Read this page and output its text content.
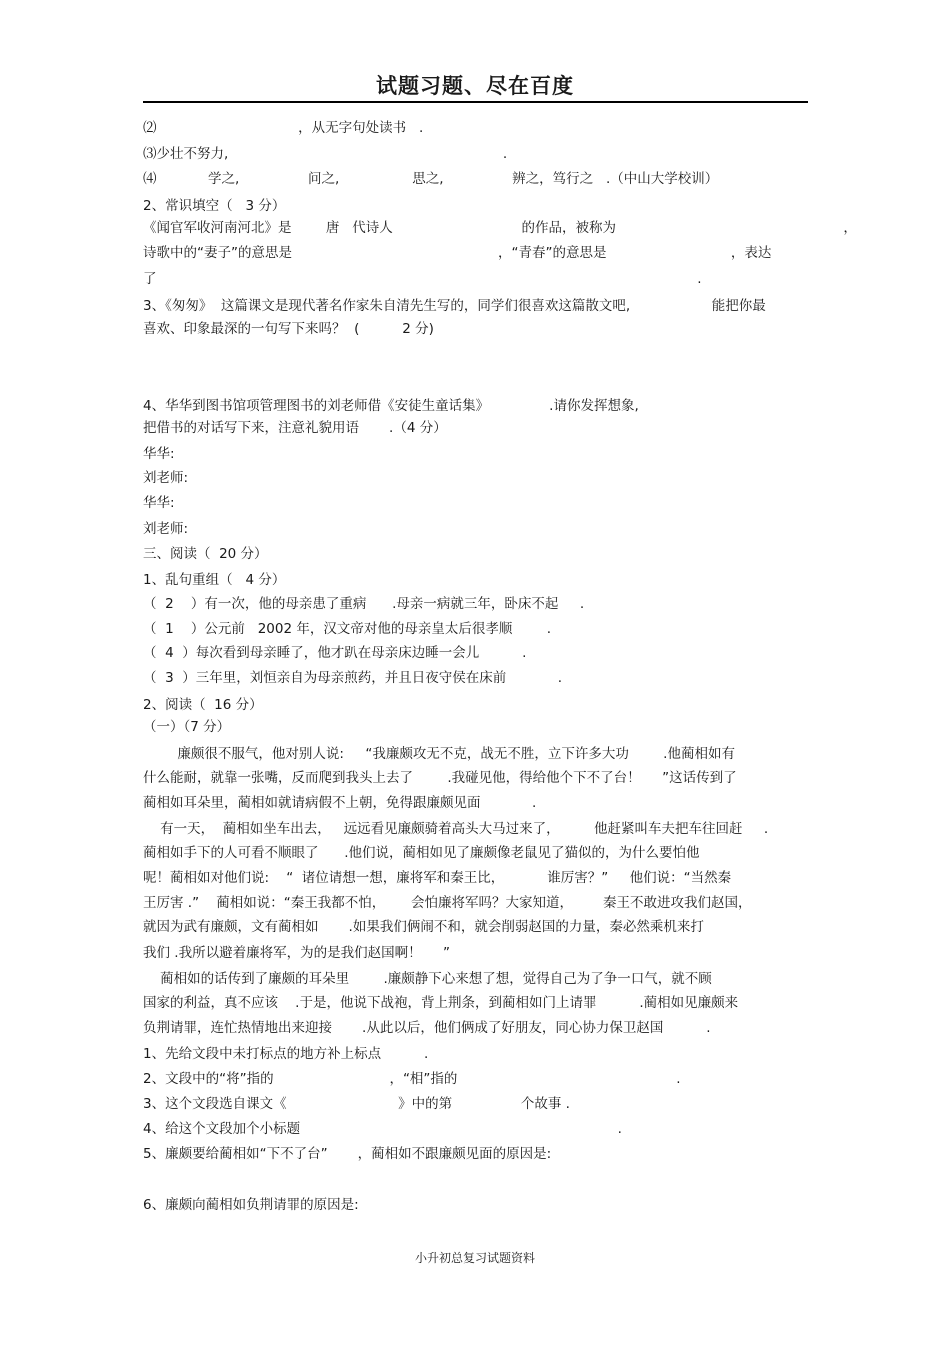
试题习题、尽在百度
⑵                                 ，从无字句处读书   .
⑶少壮不努力,                                                                .
⑷            学之,                问之,                 思之,                辨之，笃行之   .（中山大学校训）
2、常识填空（   3 分）
《闻官军收河南河北》是        唐   代诗人                              的作品，被称为                                                     ，
诗歌中的“妻子”的意思是                                                ，“青春”的意思是                             ，表达
了                                                                                                                              .
3、《匆匆》  这篇课文是现代著名作家朱自清先生写的，同学们很喜欢这篇散文吧,                   能把你最
喜欢、印象最深的一句写下来吗？  (          2 分)
4、华华到图书馆项管理图书的刘老师借《安徒生童话集》              .请你发挥想象,
把借书的对话写下来，注意礼貌用语       .（4 分）
华华:
刘老师:
华华:
刘老师:
三、阅读（  20 分）
1、乱句重组（   4 分）
（  2    ）有一次，他的母亲患了重病      .母亲一病就三年，卧床不起     .
（  1    ）公元前   2002 年，汉文帝对他的母亲皇太后很孝顺        .
（  4  ）每次看到母亲睡了，他才趴在母亲床边睡一会儿          .
（  3  ）三年里，刘恒亲自为母亲煎药，并且日夜守侯在床前            .
2、阅读（  16 分）
（一）（7 分）
廉颇很不服气，他对别人说:     “我廉颇攻无不克，战无不胜，立下许多大功        .他蔺相如有
什么能耐，就靠一张嘴，反而爬到我头上去了        .我碰见他，得给他个下不了台！     ”这话传到了
蔺相如耳朵里，蔺相如就请病假不上朝，免得跟廉颇见面            .
有一天，  蔺相如坐车出去，   远远看见廉颇骑着高头大马过来了，        他赶紧叫车夫把车往回赶     .
蔺相如手下的人可看不顺眼了      .他们说，蔺相如见了廉颇像老鼠见了猫似的，为什么要怕他
呢！蔺相如对他们说:    “  诸位请想一想，廉将军和秦王比，          谁厉害？”     他们说：“当然秦
王厉害 .”    蔺相如说：“秦王我都不怕，      会怕廉将军吗？大家知道，       秦王不敢进攻我们赵国，
就因为武有廉颇，文有蔺相如       .如果我们俩闹不和，就会削弱赵国的力量，秦必然乘机来打
我们 .我所以避着廉将军，为的是我们赵国啊！     ”
蔺相如的话传到了廉颇的耳朵里        .廉颇静下心来想了想，觉得自己为了争一口气，就不顾
国家的利益，真不应该    .于是，他说下战袍，背上荆条，到蔺相如门上请罪          .蔺相如见廉颇来
负荆请罪，连忙热情地出来迎接       .从此以后，他们俩成了好朋友，同心协力保卫赵国          .
1、先给文段中未打标点的地方补上标点          .
2、文段中的“将”指的                           ，“相”指的                                                   .
3、这个文段选自课文《                          》中的第                个故事 .
4、给这个文段加个小标题                                                                          .
5、廉颇要给蔺相如“下不了台”       ，蔺相如不跟廉颇见面的原因是:
6、廉颇向蔺相如负荆请罪的原因是:
小升初总复习试题资料
